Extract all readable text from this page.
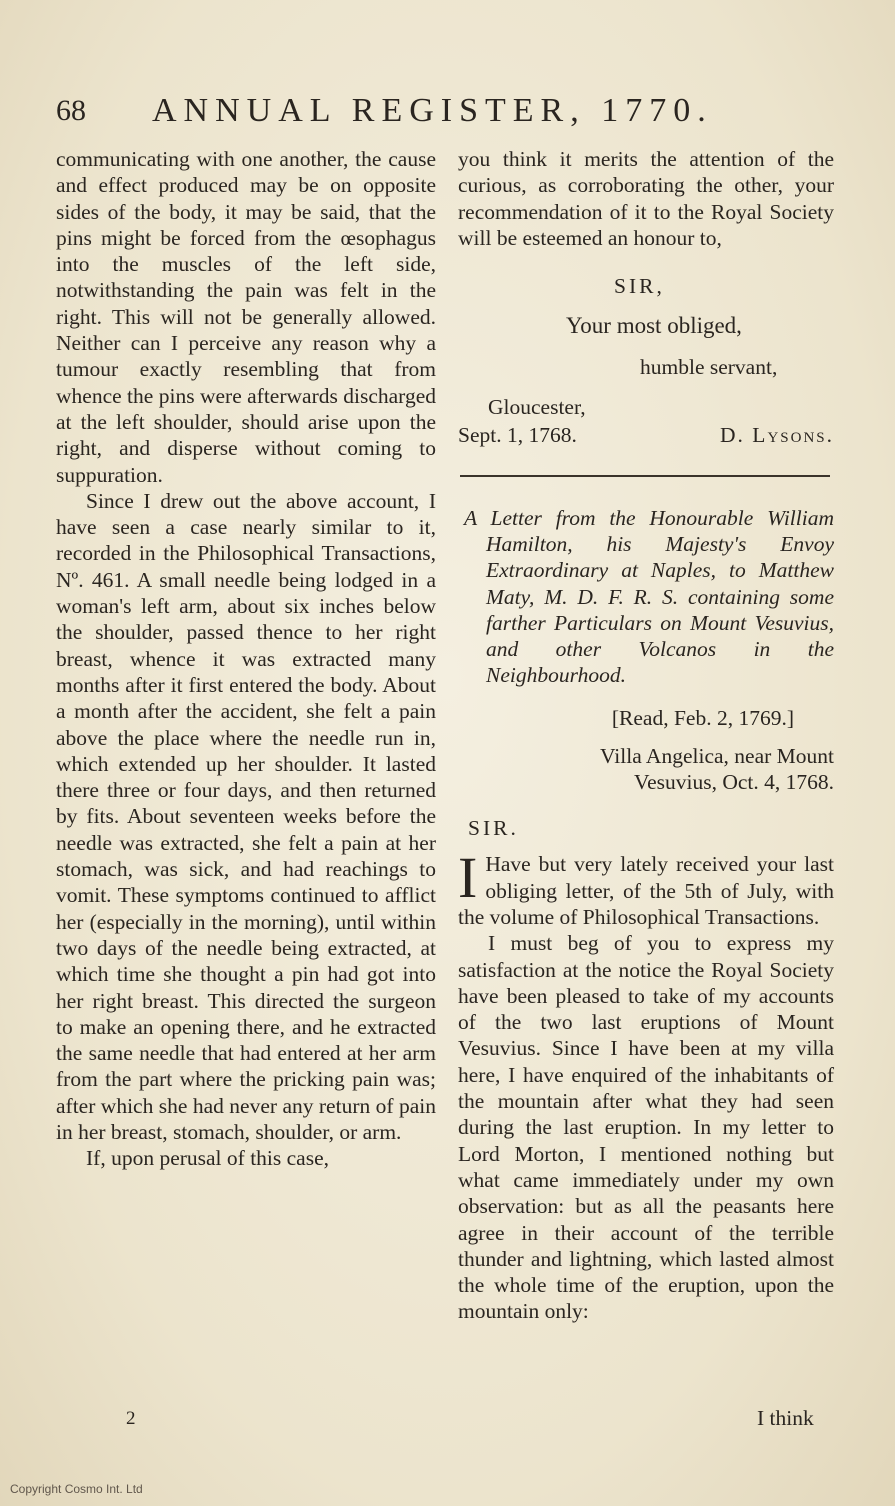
68 ANNUAL REGISTER, 1770.

communicating with one another, the cause and effect produced may be on opposite sides of the body, it may be said, that the pins might be forced from the œsophagus into the muscles of the left side, notwithstanding the pain was felt in the right. This will not be generally allowed. Neither can I perceive any reason why a tumour exactly resembling that from whence the pins were afterwards discharged at the left shoulder, should arise upon the right, and disperse without coming to suppuration.

Since I drew out the above account, I have seen a case nearly similar to it, recorded in the Philosophical Transactions, Nº. 461. A small needle being lodged in a woman's left arm, about six inches below the shoulder, passed thence to her right breast, whence it was extracted many months after it first entered the body. About a month after the accident, she felt a pain above the place where the needle run in, which extended up her shoulder. It lasted there three or four days, and then returned by fits. About seventeen weeks before the needle was extracted, she felt a pain at her stomach, was sick, and had reachings to vomit. These symptoms continued to afflict her (especially in the morning), until within two days of the needle being extracted, at which time she thought a pin had got into her right breast. This directed the surgeon to make an opening there, and he extracted the same needle that had entered at her arm from the part where the pricking pain was; after which she had never any return of pain in her breast, stomach, shoulder, or arm.

If, upon perusal of this case,

you think it merits the attention of the curious, as corroborating the other, your recommendation of it to the Royal Society will be esteemed an honour to,

SIR,

Your most obliged,

humble servant,

Gloucester,

Sept. 1, 1768.	D. Lysons.

A Letter from the Honourable William Hamilton, his Majesty's Envoy Extraordinary at Naples, to Matthew Maty, M. D. F. R. S. containing some farther Particulars on Mount Vesuvius, and other Volcanos in the Neighbourhood.

[Read, Feb. 2, 1769.]

Villa Angelica, near Mount
Vesuvius, Oct. 4, 1768.

SIR.

I Have but very lately received your last obliging letter, of the 5th of July, with the volume of Philosophical Transactions.

I must beg of you to express my satisfaction at the notice the Royal Society have been pleased to take of my accounts of the two last eruptions of Mount Vesuvius. Since I have been at my villa here, I have enquired of the inhabitants of the mountain after what they had seen during the last eruption. In my letter to Lord Morton, I mentioned nothing but what came immediately under my own observation: but as all the peasants here agree in their account of the terrible thunder and lightning, which lasted almost the whole time of the eruption, upon the mountain only:

2	I think
Copyright Cosmo Int. Ltd
